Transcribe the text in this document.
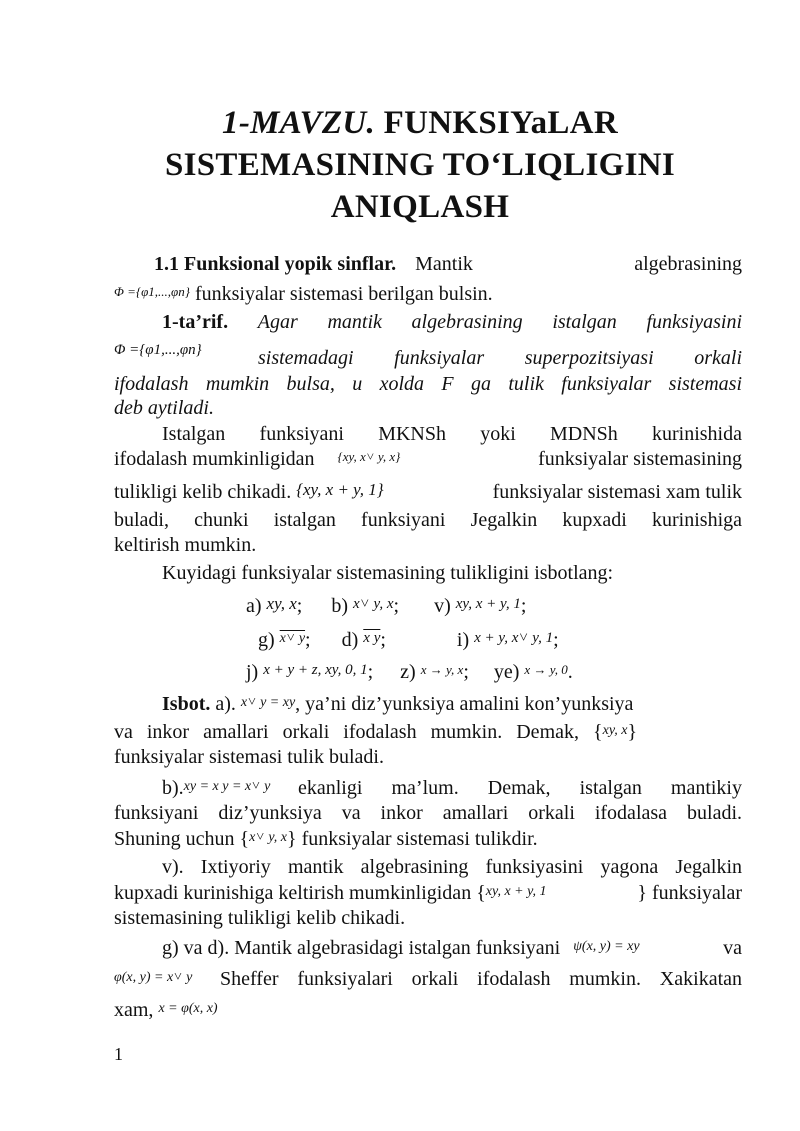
1-MAVZU. FUNKSIYaLAR
SISTEMASINING TO‘LIQLIGINI
ANIQLASH
1.1 Funksional yopik sinflar. Mantik	algebrasining
$^{\Phi =\{\varphi 1,...,\varphi n\}}$ funksiyalar sistemasi berilgan bulsin.
1-ta’rif. Agar mantik algebrasining istalgan funksiyasini
$^{\Phi =\{\varphi 1,...,\varphi n\}}$	sistemadagi funksiyalar superpozitsiyasi orkali
ifodalash mumkin bulsa, u xolda F ga tulik funksiyalar sistemasi
deb aytiladi.
Istalgan funksiyani MKNSh yoki MDNSh kurinishida
ifodalash mumkinligidan $^{\{xy, x˅ y, x\}}$	funksiyalar sistemasining
tulikligi kelib chikadi. {xy, x + y, 1}	funksiyalar sistemasi xam tulik
buladi, chunki istalgan funksiyani Jegalkin kupxadi kurinishiga
keltirish mumkin.
Kuyidagi funksiyalar sistemasining tulikligini isbotlang:
a) xy, x; b) $^{x˅ y, x}$; v) $^{xy, x + y, 1}$;
g) $^{x˅ y}$; d) $^{x y}$;	i) $^{x + y, x˅ y, 1}$;
j) $^{x + y + z, xy, 0, 1}$; z) $^{x \to y, x}$; ye) $^{x \to y, 0}$.
Isbot. a). $^{x˅ y = xy}$, ya’ni diz’yunksiya amalini kon’yunksiya
va inkor amallari orkali ifodalash mumkin. Demak, {$^{xy, x}$}
funksiyalar sistemasi tulik buladi.
b).$^{xy = x y = x˅ y}$ ekanligi ma’lum. Demak, istalgan mantikiy
funksiyani diz’yunksiya va inkor amallari orkali ifodalasa buladi.
Shuning uchun {$^{x˅ y, x}$} funksiyalar sistemasi tulikdir.
v). Ixtiyoriy mantik algebrasining funksiyasini yagona Jegalkin
kupxadi kurinishiga keltirish mumkinligidan {$^{xy, x + y, 1}$	} funksiyalar
sistemasining tulikligi kelib chikadi.
g) va d). Mantik algebrasidagi istalgan funksiyani $^{\psi(x, y) = xy}$	va
$^{\varphi(x, y) = x˅ y}$ Sheffer funksiyalari orkali ifodalash mumkin. Xakikatan
xam, $^{x = \varphi(x, x)}$
1
